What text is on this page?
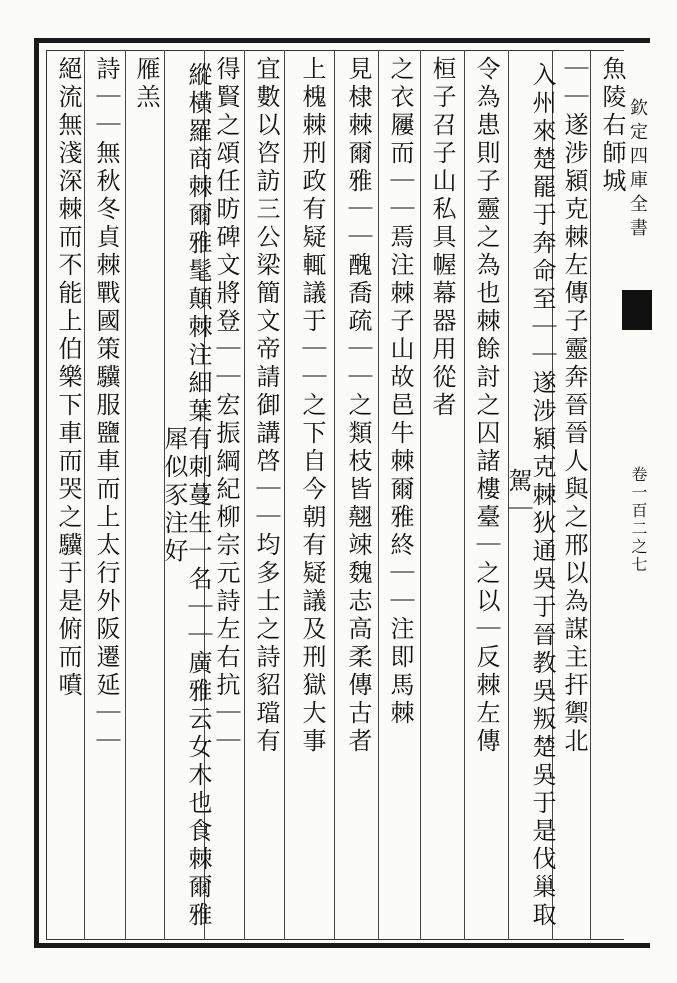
魚陵右師城
｜｜遂涉潁克棘左傳子靈奔晉晉人與之邢以為謀主扞禦北
入州來楚罷于奔命至｜｜遂涉潁克棘狄通吳于晉教吳叛楚吳于是伐巢取駕｜
令為患則子靈之為也棘餘討之囚諸樓臺｜之以｜反棘左傳
桓子召子山私具幄幕器用從者
之衣屨而｜｜焉注棘子山故邑牛棘爾雅終｜｜注即馬棘
見棣棘爾雅｜｜醜喬疏｜｜之類枝皆翹竦魏志高柔傳古者
上槐棘刑政有疑輒議于｜｜之下自今朝有疑議及刑獄大事
宜數以咨訪三公梁簡文帝請御講啓｜｜均多士之詩貂璫有
得賢之頌任昉碑文將登｜｜宏振綱紀柳宗元詩左右抗｜｜
縱橫羅商棘爾雅髦顛棘注細葉有刺蔓生一名｜｜廣雅云女木也食棘爾雅犀似豕注好
雁羔
詩｜｜無秋冬貞棘戰國策驥服鹽車而上太行外阪遷延｜｜
絕流無淺深棘而不能上伯樂下車而哭之驥于是俯而噴	欽定四庫全書
卷一百二之七
